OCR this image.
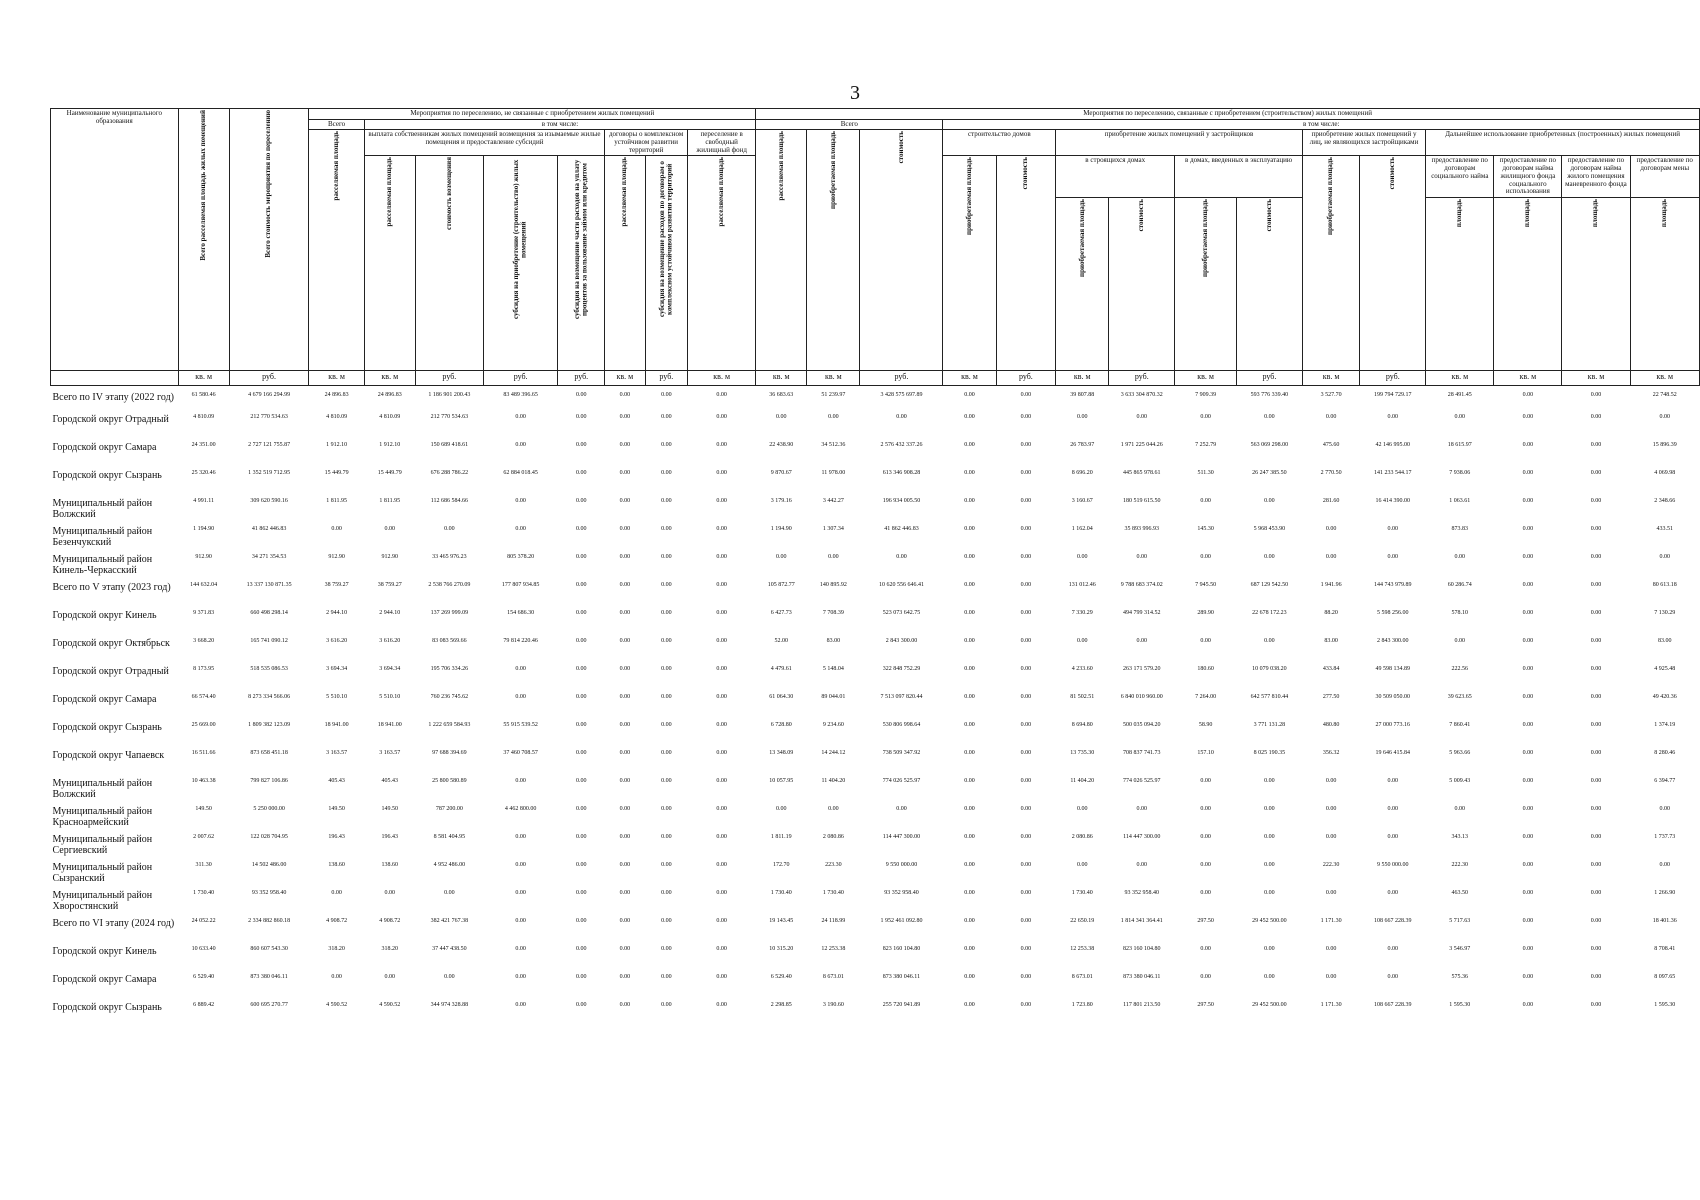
3
Наименование муниципального образования	Всего расселяемая площадь жилых помещений	Всего стоимость мероприятия по переселению	Мероприятия по переселению, не связанные с приобретением жилых помещений								Мероприятия по переселению, связанные с приобретением (строительством) жилых помещений														
			Всего	в том числе:							Всего			в том числе:											
			расселяемая площадь	выплата собственникам жилых помещений возмещения за изымаемые жилые помещения и предоставление субсидий				договоры о комплексном устойчивом развитии территорий		переселение в свободный жилищный фонд	расселяемая площадь	приобретаемая площадь	стоимость	строительство домов		приобретение жилых помещений у застройщиков				приобретение жилых помещений у лиц, не являющихся застройщиками		Дальнейшее использование приобретенных (построенных) жилых помещений			
				расселяемая площадь	стоимость возмещения	субсидия на приобретение (строительство) жилых помещений	субсидия на возмещение части расходов на уплату процентов за пользование займом или кредитом	расселяемая площадь	субсидия на возмещение расходов по договорам о комплексном устойчивом развитии территорий	расселяемая площадь				приобретаемая площадь	стоимость	в строящихся домах		в домах, введенных в эксплуатацию		приобретаемая площадь	стоимость	предоставление по договорам социального найма	предоставление по договорам найма жилищного фонда социального использования	предоставление по договорам найма жилого помещения маневренного фонда	предоставление по договорам мены
																приобретаемая площадь	стоимость	приобретаемая площадь	стоимость			площадь	площадь	площадь	площадь
	кв. м	руб.	кв. м	кв. м	руб.	руб.	руб.	кв. м	руб.	кв. м	кв. м	кв. м	руб.	кв. м	руб.	кв. м	руб.	кв. м	руб.	кв. м	руб.	кв. м	кв. м	кв. м	кв. м
Всего по IV этапу (2022 год)	61 580.46	4 679 166 294.99	24 896.83	24 896.83	1 186 901 200.43	83 489 396.65	0.00	0.00	0.00	0.00	36 683.63	51 239.97	3 428 575 697.89	0.00	0.00	39 807.88	3 633 304 870.32	7 909.39	593 776 339.40	3 527.70	199 794 729.17	28 491.45	0.00	0.00	22 748.52
Городской округ Отрадный	4 810.09	212 770 534.63	4 810.09	4 810.09	212 770 534.63	0.00	0.00	0.00	0.00	0.00	0.00	0.00	0.00	0.00	0.00	0.00	0.00	0.00	0.00	0.00	0.00	0.00	0.00	0.00	0.00
Городской округ Самара	24 351.00	2 727 121 755.87	1 912.10	1 912.10	150 689 418.61	0.00	0.00	0.00	0.00	0.00	22 438.90	34 512.36	2 576 432 337.26	0.00	0.00	26 783.97	1 971 225 044.26	7 252.79	563 069 298.00	475.60	42 146 995.00	18 615.97	0.00	0.00	15 896.39
Городской округ Сызрань	25 320.46	1 352 519 712.95	15 449.79	15 449.79	676 288 786.22	62 884 018.45	0.00	0.00	0.00	0.00	9 870.67	11 978.00	613 346 908.28	0.00	0.00	8 696.20	445 865 978.61	511.30	26 247 385.50	2 770.50	141 233 544.17	7 938.06	0.00	0.00	4 069.98
Муниципальный район Волжский	4 991.11	309 620 590.16	1 811.95	1 811.95	112 686 584.66	0.00	0.00	0.00	0.00	0.00	3 179.16	3 442.27	196 934 005.50	0.00	0.00	3 160.67	180 519 615.50	0.00	0.00	281.60	16 414 390.00	1 063.61	0.00	0.00	2 348.66
Муниципальный район Безенчукский	1 194.90	41 862 446.83	0.00	0.00	0.00	0.00	0.00	0.00	0.00	0.00	1 194.90	1 307.34	41 862 446.83	0.00	0.00	1 162.04	35 893 996.93	145.30	5 968 453.90	0.00	0.00	873.83	0.00	0.00	433.51
Муниципальный район Кинель-Черкасский	912.90	34 271 354.53	912.90	912.90	33 465 976.23	805 378.20	0.00	0.00	0.00	0.00	0.00	0.00	0.00	0.00	0.00	0.00	0.00	0.00	0.00	0.00	0.00	0.00	0.00	0.00	0.00
Всего по V этапу (2023 год)	144 632.04	13 337 130 871.35	38 759.27	38 759.27	2 538 766 270.09	177 807 934.85	0.00	0.00	0.00	0.00	105 872.77	140 895.92	10 620 556 646.41	0.00	0.00	131 012.46	9 788 683 374.02	7 945.50	687 129 542.50	1 941.96	144 743 979.89	60 286.74	0.00	0.00	80 613.18
Городской округ Кинель	9 371.83	660 498 298.14	2 944.10	2 944.10	137 269 999.09	154 686.30	0.00	0.00	0.00	0.00	6 427.73	7 708.39	523 073 642.75	0.00	0.00	7 330.29	494 799 314.52	289.90	22 678 172.23	88.20	5 598 256.00	578.10	0.00	0.00	7 130.29
Городской округ Октябрьск	3 668.20	165 741 090.12	3 616.20	3 616.20	83 083 569.66	79 814 220.46	0.00	0.00	0.00	0.00	52.00	83.00	2 843 300.00	0.00	0.00	0.00	0.00	0.00	0.00	83.00	2 843 300.00	0.00	0.00	0.00	83.00
Городской округ Отрадный	8 173.95	518 535 086.53	3 694.34	3 694.34	195 706 334.26	0.00	0.00	0.00	0.00	0.00	4 479.61	5 148.04	322 848 752.29	0.00	0.00	4 233.60	263 171 579.20	180.60	10 079 038.20	433.84	49 598 134.89	222.56	0.00	0.00	4 925.48
Городской округ Самара	66 574.40	8 273 334 566.06	5 510.10	5 510.10	760 236 745.62	0.00	0.00	0.00	0.00	0.00	61 064.30	89 044.01	7 513 097 820.44	0.00	0.00	81 502.51	6 840 010 960.00	7 264.00	642 577 810.44	277.50	30 509 050.00	39 623.65	0.00	0.00	49 420.36
Городской округ Сызрань	25 669.00	1 809 382 123.09	18 941.00	18 941.00	1 222 659 584.93	55 915 539.52	0.00	0.00	0.00	0.00	6 728.80	9 234.60	530 806 998.64	0.00	0.00	8 694.80	500 035 094.20	58.90	3 771 131.28	480.80	27 000 773.16	7 860.41	0.00	0.00	1 374.19
Городской округ Чапаевск	16 511.66	873 658 451.18	3 163.57	3 163.57	97 688 394.69	37 460 708.57	0.00	0.00	0.00	0.00	13 348.09	14 244.12	738 509 347.92	0.00	0.00	13 735.30	708 837 741.73	157.10	8 025 190.35	356.32	19 646 415.84	5 963.66	0.00	0.00	8 280.46
Муниципальный район Волжский	10 463.38	799 827 106.86	405.43	405.43	25 800 580.89	0.00	0.00	0.00	0.00	0.00	10 057.95	11 404.20	774 026 525.97	0.00	0.00	11 404.20	774 026 525.97	0.00	0.00	0.00	0.00	5 009.43	0.00	0.00	6 394.77
Муниципальный район Красноармейский	149.50	5 250 000.00	149.50	149.50	787 200.00	4 462 800.00	0.00	0.00	0.00	0.00	0.00	0.00	0.00	0.00	0.00	0.00	0.00	0.00	0.00	0.00	0.00	0.00	0.00	0.00	0.00
Муниципальный район Сергиевский	2 007.62	122 028 704.95	196.43	196.43	8 581 404.95	0.00	0.00	0.00	0.00	0.00	1 811.19	2 080.86	114 447 300.00	0.00	0.00	2 080.86	114 447 300.00	0.00	0.00	0.00	0.00	343.13	0.00	0.00	1 737.73
Муниципальный район Сызранский	311.30	14 502 486.00	138.60	138.60	4 952 486.00	0.00	0.00	0.00	0.00	0.00	172.70	223.30	9 550 000.00	0.00	0.00	0.00	0.00	0.00	0.00	222.30	9 550 000.00	222.30	0.00	0.00	0.00
Муниципальный район Хворостянский	1 730.40	93 352 958.40	0.00	0.00	0.00	0.00	0.00	0.00	0.00	0.00	1 730.40	1 730.40	93 352 958.40	0.00	0.00	1 730.40	93 352 958.40	0.00	0.00	0.00	0.00	463.50	0.00	0.00	1 266.90
Всего по VI этапу (2024 год)	24 052.22	2 334 882 860.18	4 908.72	4 908.72	382 421 767.38	0.00	0.00	0.00	0.00	0.00	19 143.45	24 118.99	1 952 461 092.80	0.00	0.00	22 650.19	1 814 341 364.41	297.50	29 452 500.00	1 171.30	108 667 228.39	5 717.63	0.00	0.00	18 401.36
Городской округ Кинель	10 633.40	860 607 543.30	318.20	318.20	37 447 438.50	0.00	0.00	0.00	0.00	0.00	10 315.20	12 253.38	823 160 104.80	0.00	0.00	12 253.38	823 160 104.80	0.00	0.00	0.00	0.00	3 546.97	0.00	0.00	8 708.41
Городской округ Самара	6 529.40	873 380 046.11	0.00	0.00	0.00	0.00	0.00	0.00	0.00	0.00	6 529.40	8 673.01	873 380 046.11	0.00	0.00	8 673.01	873 380 046.11	0.00	0.00	0.00	0.00	575.36	0.00	0.00	8 097.65
Городской округ Сызрань	6 889.42	600 695 270.77	4 590.52	4 590.52	344 974 328.88	0.00	0.00	0.00	0.00	0.00	2 298.85	3 190.60	255 720 941.89	0.00	0.00	1 723.80	117 801 213.50	297.50	29 452 500.00	1 171.30	108 667 228.39	1 595.30	0.00	0.00	1 595.30
